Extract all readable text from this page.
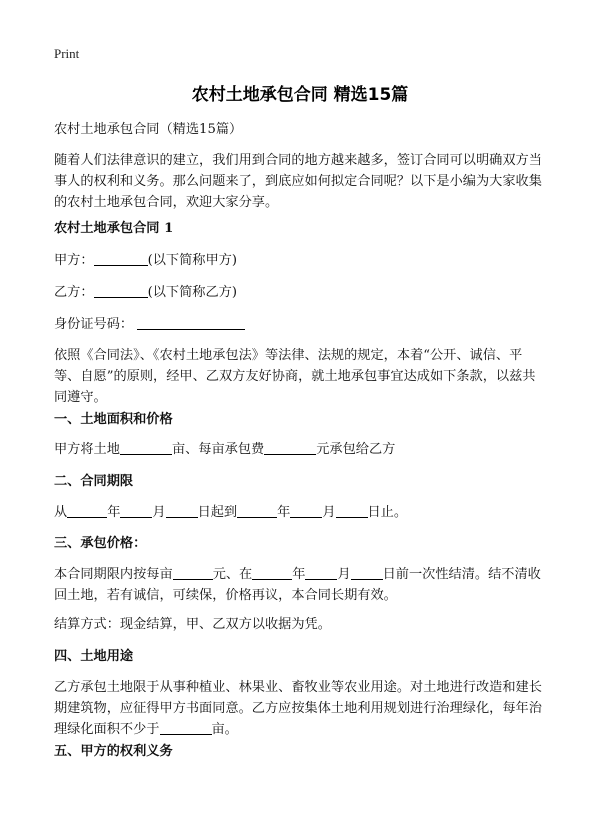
Print
农村土地承包合同 精选15篇
农村土地承包合同（精选15篇）
随着人们法律意识的建立，我们用到合同的地方越来越多，签订合同可以明确双方当事人的权利和义务。那么问题来了，到底应如何拟定合同呢？以下是小编为大家收集的农村土地承包合同，欢迎大家分享。
农村土地承包合同 1
甲方：	(以下简称甲方)
乙方：	(以下简称乙方)
身份证号码：
依照《合同法》、《农村土地承包法》等法律、法规的规定，本着“公开、诚信、平等、自愿”的原则，经甲、乙双方友好协商，就土地承包事宜达成如下条款，以兹共同遵守。
一、土地面积和价格
甲方将土地	亩、每亩承包费	元承包给乙方
二、合同期限
从	年 月 日起到	年 月 日止。
三、承包价格：
本合同期限内按每亩	元、在	年 月 日前一次性结清。结不清收回土地，若有诚信，可续保，价格再议，本合同长期有效。
结算方式：现金结算，甲、乙双方以收据为凭。
四、土地用途
乙方承包土地限于从事种植业、林果业、畜牧业等农业用途。对土地进行改造和建长期建筑物，应征得甲方书面同意。乙方应按集体土地利用规划进行治理绿化，每年治理绿化面积不少于	亩。
五、甲方的权利义务
